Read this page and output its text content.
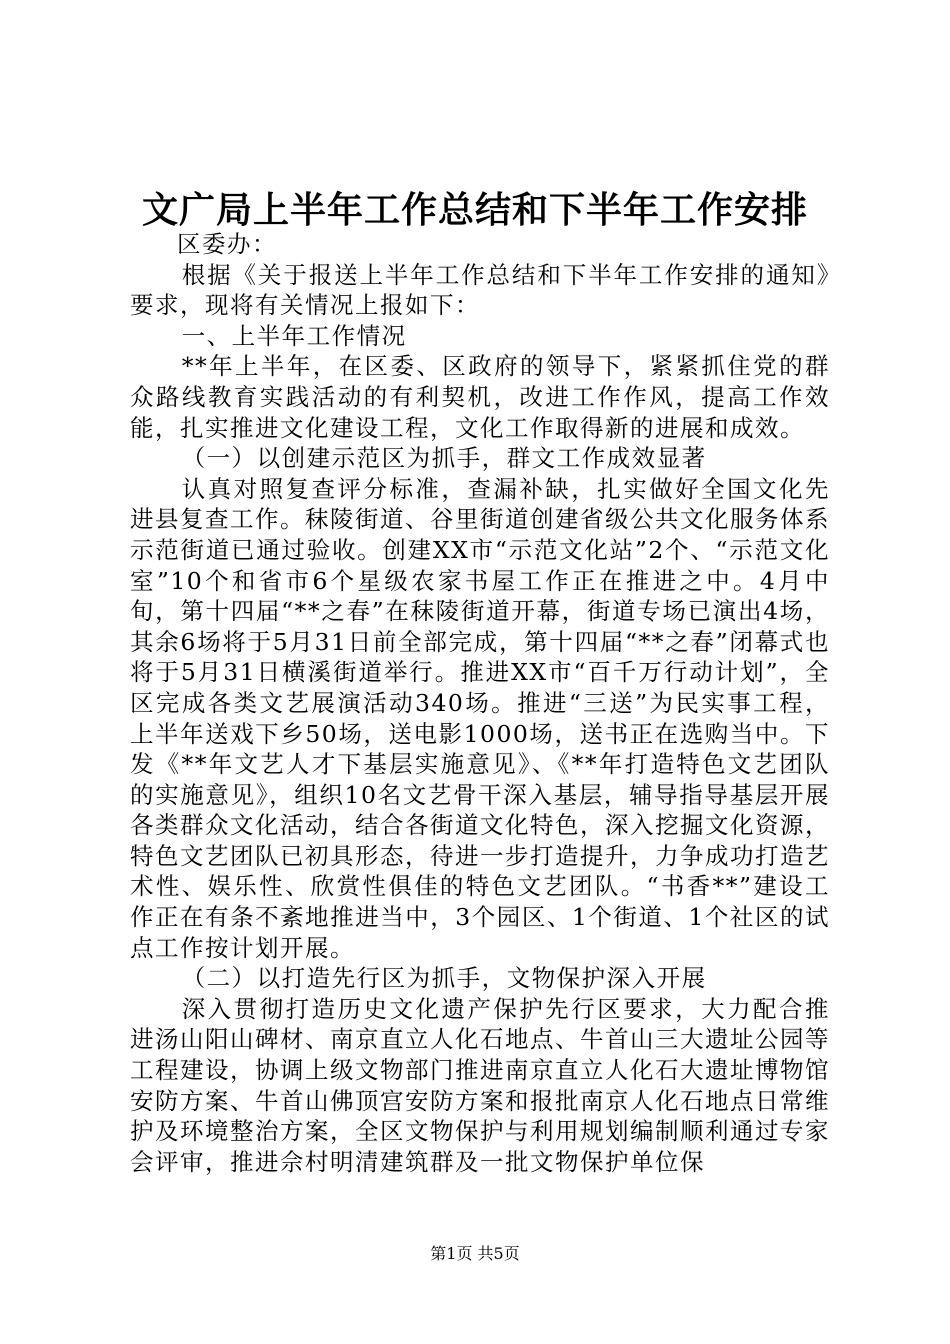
文广局上半年工作总结和下半年工作安排

区委办：

根据《关于报送上半年工作总结和下半年工作安排的通知》要求，现将有关情况上报如下：

一、上半年工作情况

**年上半年，在区委、区政府的领导下，紧紧抓住党的群众路线教育实践活动的有利契机，改进工作作风，提高工作效能，扎实推进文化建设工程，文化工作取得新的进展和成效。

（一）以创建示范区为抓手，群文工作成效显著

认真对照复查评分标准，查漏补缺，扎实做好全国文化先进县复查工作。秣陵街道、谷里街道创建省级公共文化服务体系示范街道已通过验收。创建XX市“示范文化站”2个、“示范文化室”10个和省市6个星级农家书屋工作正在推进之中。4月中旬，第十四届“**之春”在秣陵街道开幕，街道专场已演出4场，其余6场将于5月31日前全部完成，第十四届“**之春”闭幕式也将于5月31日横溪街道举行。推进XX市“百千万行动计划”，全区完成各类文艺展演活动340场。推进“三送”为民实事工程，上半年送戏下乡50场，送电影1000场，送书正在选购当中。下发《**年文艺人才下基层实施意见》、《**年打造特色文艺团队的实施意见》，组织10名文艺骨干深入基层，辅导指导基层开展各类群众文化活动，结合各街道文化特色，深入挖掘文化资源，特色文艺团队已初具形态，待进一步打造提升，力争成功打造艺术性、娱乐性、欣赏性俱佳的特色文艺团队。“书香**”建设工作正在有条不紊地推进当中，3个园区、1个街道、1个社区的试点工作按计划开展。

（二）以打造先行区为抓手，文物保护深入开展

深入贯彻打造历史文化遗产保护先行区要求，大力配合推进汤山阳山碑材、南京直立人化石地点、牛首山三大遗址公园等工程建设，协调上级文物部门推进南京直立人化石大遗址博物馆安防方案、牛首山佛顶宫安防方案和报批南京人化石地点日常维护及环境整治方案，全区文物保护与利用规划编制顺利通过专家会评审，推进佘村明清建筑群及一批文物保护单位保

第1页 共5页
